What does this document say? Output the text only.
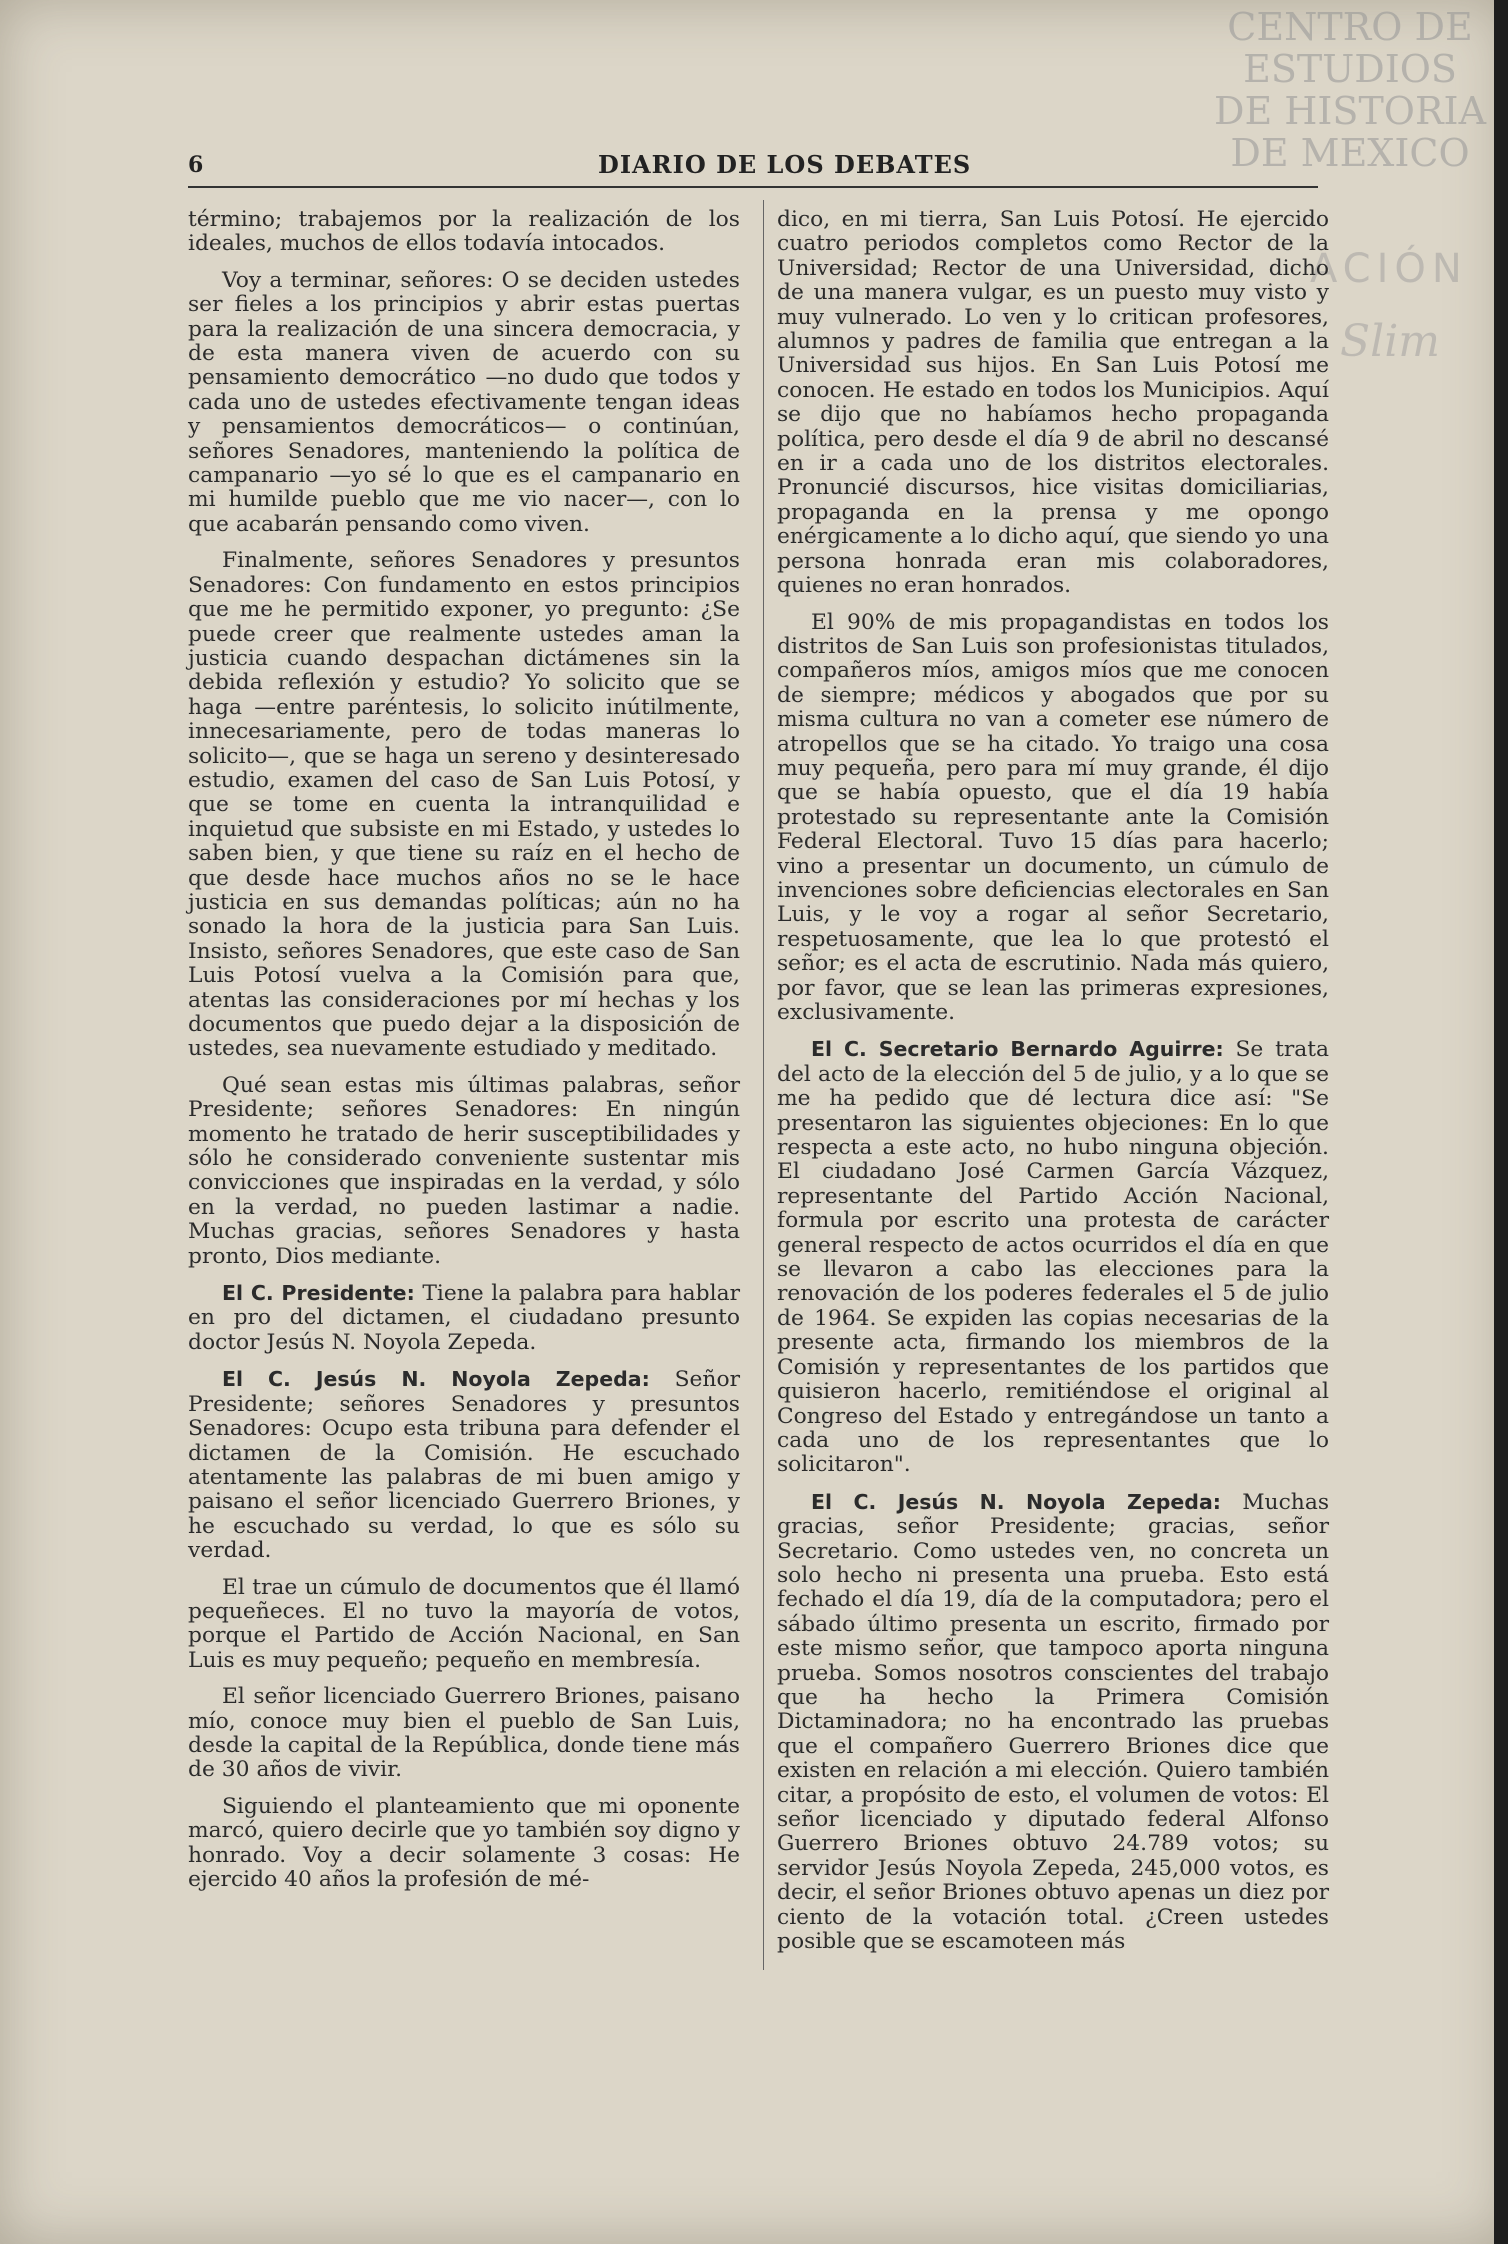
CENTRO DE
ESTUDIOS
DE HISTORIA
DE MEXICO
ACIÓN
Slim
6	DIARIO DE LOS DEBATES

término; trabajemos por la realización de los ideales, muchos de ellos todavía intocados.

Voy a terminar, señores: O se deciden ustedes ser fieles a los principios y abrir estas puertas para la realización de una sincera democracia, y de esta manera viven de acuerdo con su pensamiento democrático —no dudo que todos y cada uno de ustedes efectivamente tengan ideas y pensamientos democráticos— o continúan, señores Senadores, manteniendo la política de campanario —yo sé lo que es el campanario en mi humilde pueblo que me vio nacer—, con lo que acabarán pensando como viven.

Finalmente, señores Senadores y presuntos Senadores: Con fundamento en estos principios que me he permitido exponer, yo pregunto: ¿Se puede creer que realmente ustedes aman la justicia cuando despachan dictámenes sin la debida reflexión y estudio? Yo solicito que se haga —entre paréntesis, lo solicito inútilmente, innecesariamente, pero de todas maneras lo solicito—, que se haga un sereno y desinteresado estudio, examen del caso de San Luis Potosí, y que se tome en cuenta la intranquilidad e inquietud que subsiste en mi Estado, y ustedes lo saben bien, y que tiene su raíz en el hecho de que desde hace muchos años no se le hace justicia en sus demandas políticas; aún no ha sonado la hora de la justicia para San Luis. Insisto, señores Senadores, que este caso de San Luis Potosí vuelva a la Comisión para que, atentas las consideraciones por mí hechas y los documentos que puedo dejar a la disposición de ustedes, sea nuevamente estudiado y meditado.

Qué sean estas mis últimas palabras, señor Presidente; señores Senadores: En ningún momento he tratado de herir susceptibilidades y sólo he considerado conveniente sustentar mis convicciones que inspiradas en la verdad, y sólo en la verdad, no pueden lastimar a nadie. Muchas gracias, señores Senadores y hasta pronto, Dios mediante.

El C. Presidente: Tiene la palabra para hablar en pro del dictamen, el ciudadano presunto doctor Jesús N. Noyola Zepeda.

El C. Jesús N. Noyola Zepeda: Señor Presidente; señores Senadores y presuntos Senadores: Ocupo esta tribuna para defender el dictamen de la Comisión. He escuchado atentamente las palabras de mi buen amigo y paisano el señor licenciado Guerrero Briones, y he escuchado su verdad, lo que es sólo su verdad.

El trae un cúmulo de documentos que él llamó pequeñeces. El no tuvo la mayoría de votos, porque el Partido de Acción Nacional, en San Luis es muy pequeño; pequeño en membresía.

El señor licenciado Guerrero Briones, paisano mío, conoce muy bien el pueblo de San Luis, desde la capital de la República, donde tiene más de 30 años de vivir.

Siguiendo el planteamiento que mi oponente marcó, quiero decirle que yo también soy digno y honrado. Voy a decir solamente 3 cosas: He ejercido 40 años la profesión de mé-

dico, en mi tierra, San Luis Potosí. He ejercido cuatro periodos completos como Rector de la Universidad; Rector de una Universidad, dicho de una manera vulgar, es un puesto muy visto y muy vulnerado. Lo ven y lo critican profesores, alumnos y padres de familia que entregan a la Universidad sus hijos. En San Luis Potosí me conocen. He estado en todos los Municipios. Aquí se dijo que no habíamos hecho propaganda política, pero desde el día 9 de abril no descansé en ir a cada uno de los distritos electorales. Pronuncié discursos, hice visitas domiciliarias, propaganda en la prensa y me opongo enérgicamente a lo dicho aquí, que siendo yo una persona honrada eran mis colaboradores, quienes no eran honrados.

El 90% de mis propagandistas en todos los distritos de San Luis son profesionistas titulados, compañeros míos, amigos míos que me conocen de siempre; médicos y abogados que por su misma cultura no van a cometer ese número de atropellos que se ha citado. Yo traigo una cosa muy pequeña, pero para mí muy grande, él dijo que se había opuesto, que el día 19 había protestado su representante ante la Comisión Federal Electoral. Tuvo 15 días para hacerlo; vino a presentar un documento, un cúmulo de invenciones sobre deficiencias electorales en San Luis, y le voy a rogar al señor Secretario, respetuosamente, que lea lo que protestó el señor; es el acta de escrutinio. Nada más quiero, por favor, que se lean las primeras expresiones, exclusivamente.

El C. Secretario Bernardo Aguirre: Se trata del acto de la elección del 5 de julio, y a lo que se me ha pedido que dé lectura dice así: "Se presentaron las siguientes objeciones: En lo que respecta a este acto, no hubo ninguna objeción. El ciudadano José Carmen García Vázquez, representante del Partido Acción Nacional, formula por escrito una protesta de carácter general respecto de actos ocurridos el día en que se llevaron a cabo las elecciones para la renovación de los poderes federales el 5 de julio de 1964. Se expiden las copias necesarias de la presente acta, firmando los miembros de la Comisión y representantes de los partidos que quisieron hacerlo, remitiéndose el original al Congreso del Estado y entregándose un tanto a cada uno de los representantes que lo solicitaron".

El C. Jesús N. Noyola Zepeda: Muchas gracias, señor Presidente; gracias, señor Secretario. Como ustedes ven, no concreta un solo hecho ni presenta una prueba. Esto está fechado el día 19, día de la computadora; pero el sábado último presenta un escrito, firmado por este mismo señor, que tampoco aporta ninguna prueba. Somos nosotros conscientes del trabajo que ha hecho la Primera Comisión Dictaminadora; no ha encontrado las pruebas que el compañero Guerrero Briones dice que existen en relación a mi elección. Quiero también citar, a propósito de esto, el volumen de votos: El señor licenciado y diputado federal Alfonso Guerrero Briones obtuvo 24.789 votos; su servidor Jesús Noyola Zepeda, 245,000 votos, es decir, el señor Briones obtuvo apenas un diez por ciento de la votación total. ¿Creen ustedes posible que se escamoteen más
